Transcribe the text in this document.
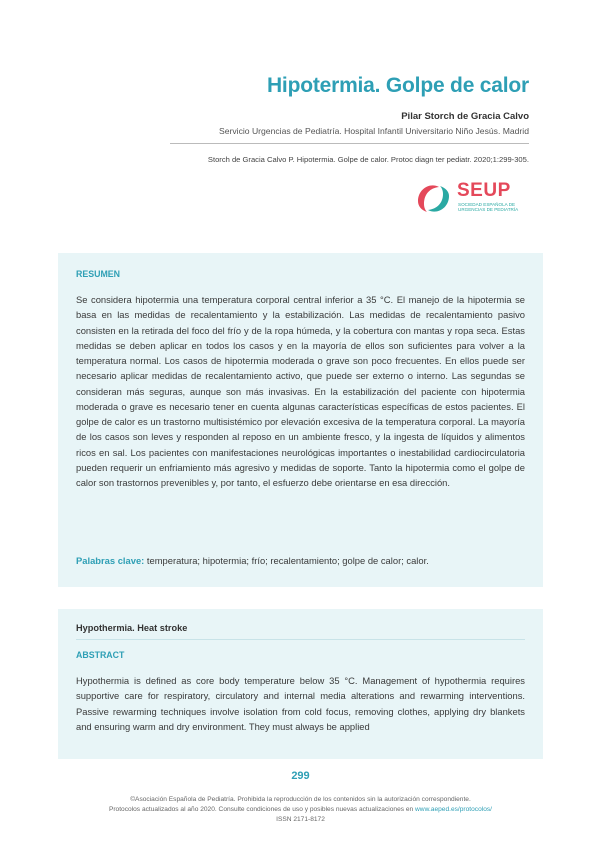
Hipotermia. Golpe de calor
Pilar Storch de Gracia Calvo
Servicio Urgencias de Pediatría. Hospital Infantil Universitario Niño Jesús. Madrid
Storch de Gracia Calvo P. Hipotermia. Golpe de calor. Protoc diagn ter pediatr. 2020;1:299-305.
SEUP
SOCIEDAD ESPAÑOLA DE URGENCIAS DE PEDIATRÍA
RESUMEN

Se considera hipotermia una temperatura corporal central inferior a 35 °C. El manejo de la hipotermia se basa en las medidas de recalentamiento y la estabilización. Las medidas de recalentamiento pasivo consisten en la retirada del foco del frío y de la ropa húmeda, y la cobertura con mantas y ropa seca. Estas medidas se deben aplicar en todos los casos y en la mayoría de ellos son suficientes para volver a la temperatura normal. Los casos de hipotermia moderada o grave son poco frecuentes. En ellos puede ser necesario aplicar medidas de recalentamiento activo, que puede ser externo o interno. Las segundas se consideran más seguras, aunque son más invasivas. En la estabilización del paciente con hipotermia moderada o grave es necesario tener en cuenta algunas características específicas de estos pacientes. El golpe de calor es un trastorno multisistémico por elevación excesiva de la temperatura corporal. La mayoría de los casos son leves y responden al reposo en un ambiente fresco, y la ingesta de líquidos y alimentos ricos en sal. Los pacientes con manifestaciones neurológicas importantes o inestabilidad cardiocirculatoria pueden requerir un enfriamiento más agresivo y medidas de soporte. Tanto la hipotermia como el golpe de calor son trastornos prevenibles y, por tanto, el esfuerzo debe orientarse en esa dirección.

Palabras clave: temperatura; hipotermia; frío; recalentamiento; golpe de calor; calor.
Hypothermia. Heat stroke
ABSTRACT

Hypothermia is defined as core body temperature below 35 °C. Management of hypothermia requires supportive care for respiratory, circulatory and internal media alterations and rewarming interventions. Passive rewarming techniques involve isolation from cold focus, removing clothes, applying dry blankets and ensuring warm and dry environment. They must always be applied

299
©Asociación Española de Pediatría. Prohibida la reproducción de los contenidos sin la autorización correspondiente.
Protocolos actualizados al año 2020. Consulte condiciones de uso y posibles nuevas actualizaciones en www.aeped.es/protocolos/
ISSN 2171-8172
